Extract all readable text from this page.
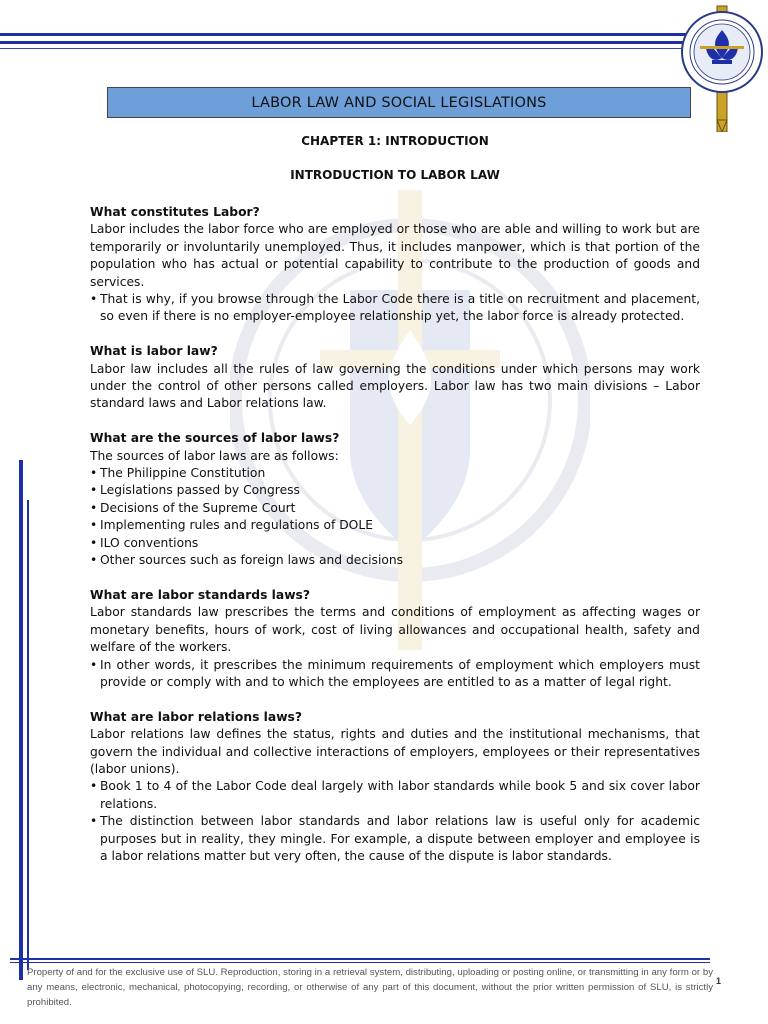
LABOR LAW AND SOCIAL LEGISLATIONS
CHAPTER 1: INTRODUCTION
INTRODUCTION TO LABOR LAW
What constitutes Labor?
Labor includes the labor force who are employed or those who are able and willing to work but are temporarily or involuntarily unemployed. Thus, it includes manpower, which is that portion of the population who has actual or potential capability to contribute to the production of goods and services.
• That is why, if you browse through the Labor Code there is a title on recruitment and placement, so even if there is no employer-employee relationship yet, the labor force is already protected.
What is labor law?
Labor law includes all the rules of law governing the conditions under which persons may work under the control of other persons called employers. Labor law has two main divisions – Labor standard laws and Labor relations law.
What are the sources of labor laws?
The sources of labor laws are as follows:
• The Philippine Constitution
• Legislations passed by Congress
• Decisions of the Supreme Court
• Implementing rules and regulations of DOLE
• ILO conventions
• Other sources such as foreign laws and decisions
What are labor standards laws?
Labor standards law prescribes the terms and conditions of employment as affecting wages or monetary benefits, hours of work, cost of living allowances and occupational health, safety and welfare of the workers.
• In other words, it prescribes the minimum requirements of employment which employers must provide or comply with and to which the employees are entitled to as a matter of legal right.
What are labor relations laws?
Labor relations law defines the status, rights and duties and the institutional mechanisms, that govern the individual and collective interactions of employers, employees or their representatives (labor unions).
• Book 1 to 4 of the Labor Code deal largely with labor standards while book 5 and six cover labor relations.
• The distinction between labor standards and labor relations law is useful only for academic purposes but in reality, they mingle. For example, a dispute between employer and employee is a labor relations matter but very often, the cause of the dispute is labor standards.
Property of and for the exclusive use of SLU. Reproduction, storing in a retrieval system, distributing, uploading or posting online, or transmitting in any form or by any means, electronic, mechanical, photocopying, recording, or otherwise of any part of this document, without the prior written permission of SLU, is strictly prohibited.
1
